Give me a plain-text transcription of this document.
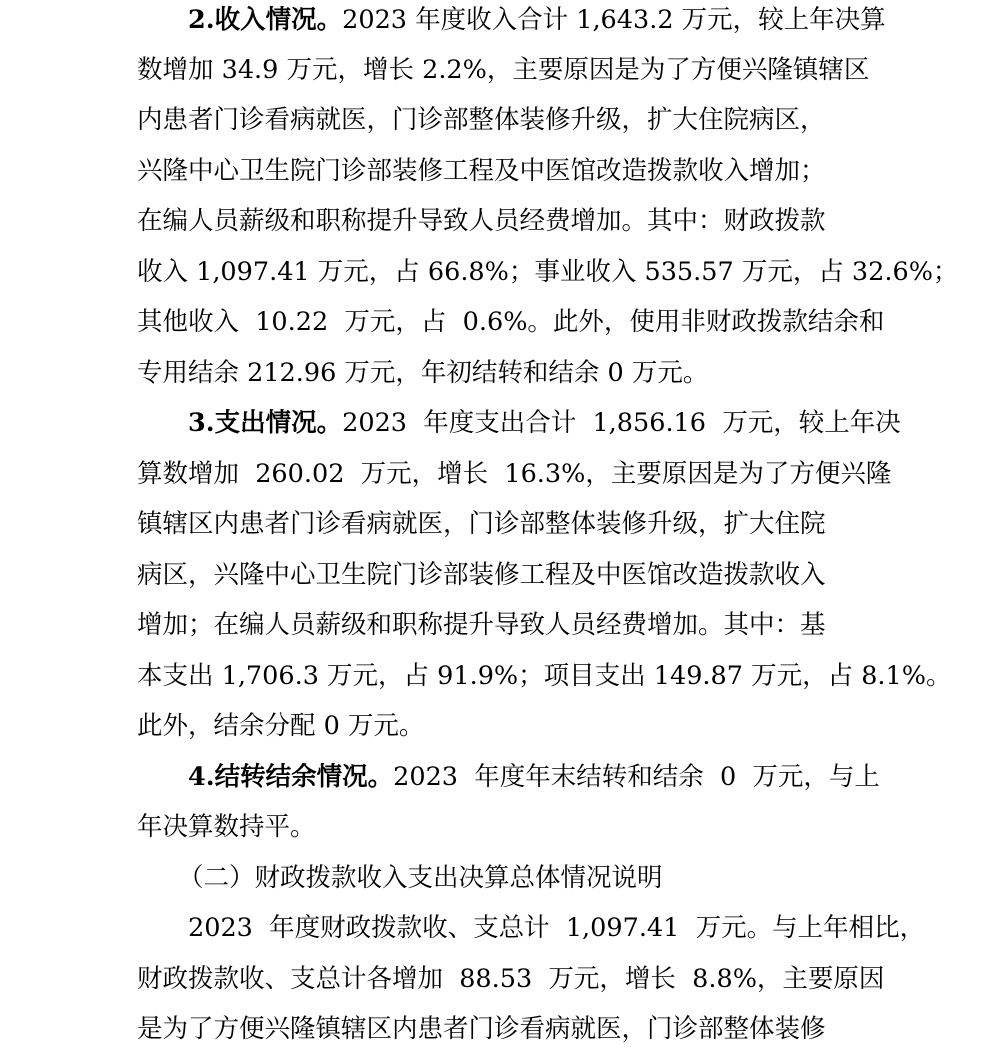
2.收入情况。2023 年度收入合计 1,643.2 万元，较上年决算
数增加 34.9 万元，增长 2.2%，主要原因是为了方便兴隆镇辖区
内患者门诊看病就医，门诊部整体装修升级，扩大住院病区，
兴隆中心卫生院门诊部装修工程及中医馆改造拨款收入增加；
在编人员薪级和职称提升导致人员经费增加。其中：财政拨款
收入 1,097.41 万元，占 66.8%；事业收入 535.57 万元，占 32.6%；
其他收入  10.22  万元，占  0.6%。此外，使用非财政拨款结余和
专用结余 212.96 万元，年初结转和结余 0 万元。
3.支出情况。2023  年度支出合计  1,856.16  万元，较上年决
算数增加  260.02  万元，增长  16.3%，主要原因是为了方便兴隆
镇辖区内患者门诊看病就医，门诊部整体装修升级，扩大住院
病区，兴隆中心卫生院门诊部装修工程及中医馆改造拨款收入
增加；在编人员薪级和职称提升导致人员经费增加。其中：基
本支出 1,706.3 万元，占 91.9%；项目支出 149.87 万元，占 8.1%。
此外，结余分配 0 万元。
4.结转结余情况。2023  年度年末结转和结余  0  万元，与上
年决算数持平。
（二）财政拨款收入支出决算总体情况说明
2023  年度财政拨款收、支总计  1,097.41  万元。与上年相比，
财政拨款收、支总计各增加  88.53  万元，增长  8.8%，主要原因
是为了方便兴隆镇辖区内患者门诊看病就医，门诊部整体装修
